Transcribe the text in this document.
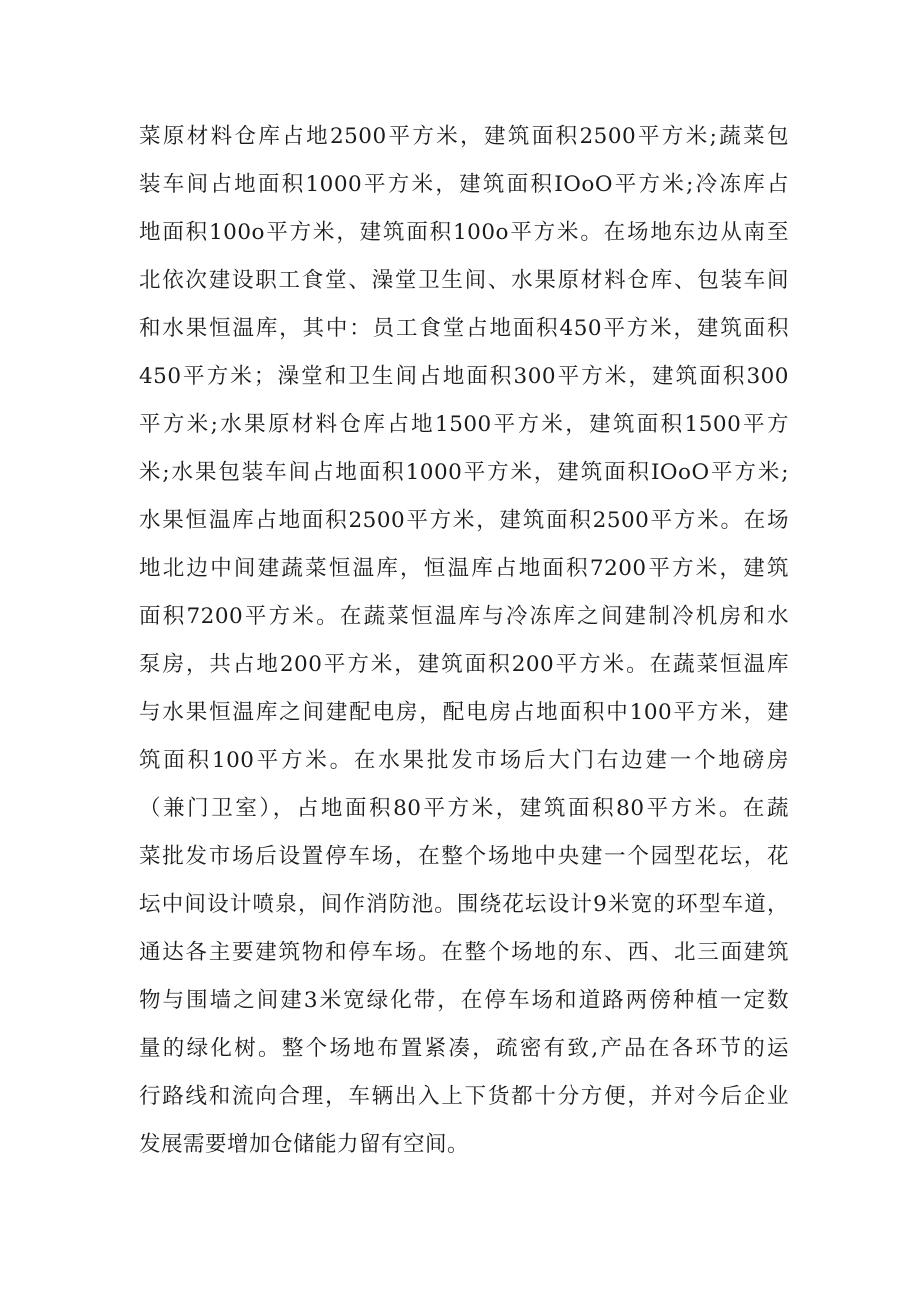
菜原材料仓库占地2500平方米，建筑面积2500平方米;蔬菜包
装车间占地面积1000平方米，建筑面积IOoO平方米;冷冻库占
地面积100o平方米，建筑面积100o平方米。在场地东边从南至
北依次建设职工食堂、澡堂卫生间、水果原材料仓库、包装车间
和水果恒温库，其中：员工食堂占地面积450平方米，建筑面积
450平方米；澡堂和卫生间占地面积300平方米，建筑面积300
平方米;水果原材料仓库占地1500平方米，建筑面积1500平方
米;水果包装车间占地面积1000平方米，建筑面积IOoO平方米;
水果恒温库占地面积2500平方米，建筑面积2500平方米。在场
地北边中间建蔬菜恒温库，恒温库占地面积7200平方米，建筑
面积7200平方米。在蔬菜恒温库与冷冻库之间建制冷机房和水
泵房，共占地200平方米，建筑面积200平方米。在蔬菜恒温库
与水果恒温库之间建配电房，配电房占地面积中100平方米，建
筑面积100平方米。在水果批发市场后大门右边建一个地磅房
（兼门卫室），占地面积80平方米，建筑面积80平方米。在蔬
菜批发市场后设置停车场，在整个场地中央建一个园型花坛，花
坛中间设计喷泉，间作消防池。围绕花坛设计9米宽的环型车道，
通达各主要建筑物和停车场。在整个场地的东、西、北三面建筑
物与围墙之间建3米宽绿化带，在停车场和道路两傍种植一定数
量的绿化树。整个场地布置紧凑，疏密有致,产品在各环节的运
行路线和流向合理，车辆出入上下货都十分方便，并对今后企业
发展需要增加仓储能力留有空间。
